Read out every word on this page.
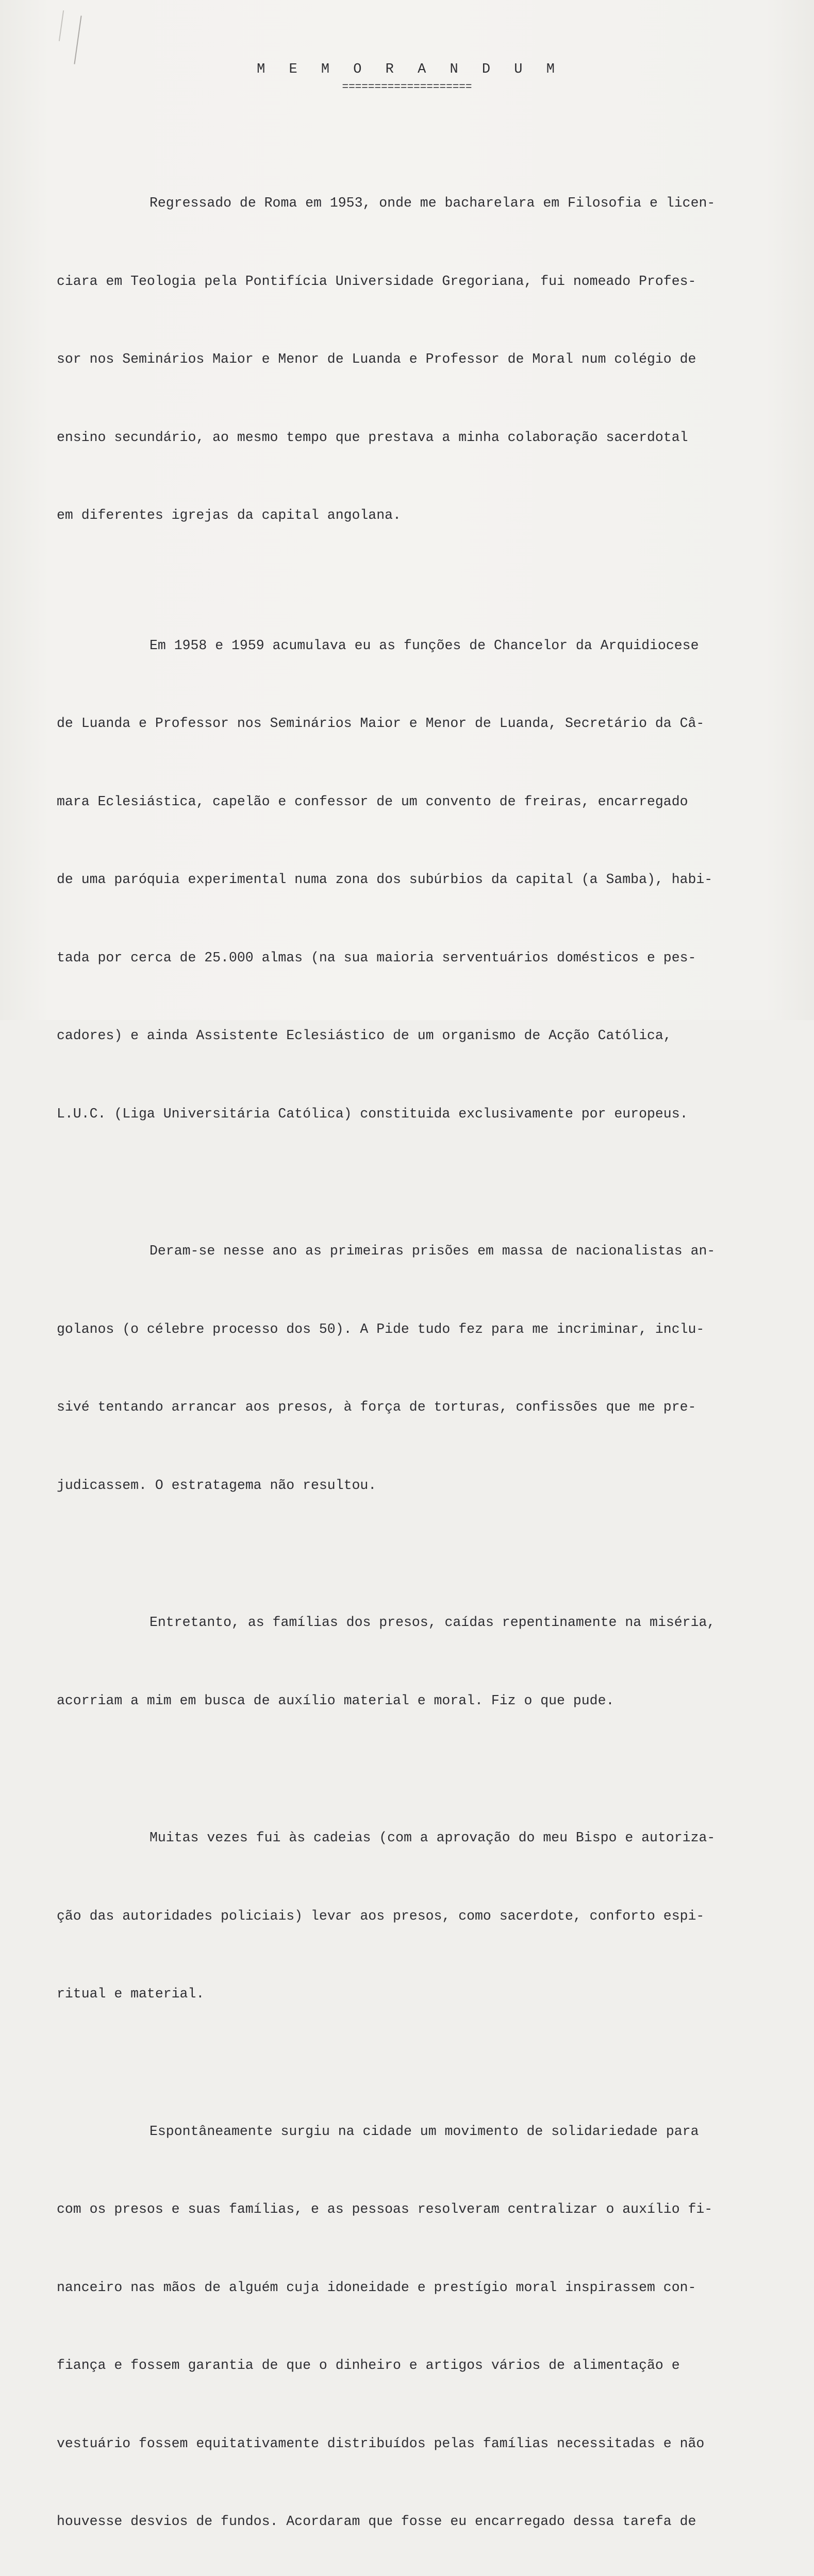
M E M O R A N D U M
====================

Regressado de Roma em 1953, onde me bacharelara em Filosofia e licen-

ciara em Teologia pela Pontifícia Universidade Gregoriana, fui nomeado Profes-

sor nos Seminários Maior e Menor de Luanda e Professor de Moral num colégio de

ensino secundário, ao mesmo tempo que prestava a minha colaboração sacerdotal

em diferentes igrejas da capital angolana.

Em 1958 e 1959 acumulava eu as funções de Chancelor da Arquidiocese

de Luanda e Professor nos Seminários Maior e Menor de Luanda, Secretário da Câ-

mara Eclesiástica, capelão e confessor de um convento de freiras, encarregado

de uma paróquia experimental numa zona dos subúrbios da capital (a Samba), habi-

tada por cerca de 25.000 almas (na sua maioria serventuários domésticos e pes-

cadores) e ainda Assistente Eclesiástico de um organismo de Acção Católica,

L.U.C. (Liga Universitária Católica) constituida exclusivamente por europeus.

Deram-se nesse ano as primeiras prisões em massa de nacionalistas an-

golanos (o célebre processo dos 50). A Pide tudo fez para me incriminar, inclu-

sivé tentando arrancar aos presos, à força de torturas, confissões que me pre-

judicassem. O estratagema não resultou.

Entretanto, as famílias dos presos, caídas repentinamente na miséria,

acorriam a mim em busca de auxílio material e moral. Fiz o que pude.

Muitas vezes fui às cadeias (com a aprovação do meu Bispo e autoriza-

ção das autoridades policiais) levar aos presos, como sacerdote, conforto espi-

ritual e material.

Espontâneamente surgiu na cidade um movimento de solidariedade para

com os presos e suas famílias, e as pessoas resolveram centralizar o auxílio fi-

nanceiro nas mãos de alguém cuja idoneidade e prestígio moral inspirassem con-

fiança e fossem garantia de que o dinheiro e artigos vários de alimentação e

vestuário fossem equitativamente distribuídos pelas famílias necessitadas e não

houvesse desvios de fundos. Acordaram que fosse eu encarregado dessa tarefa de
